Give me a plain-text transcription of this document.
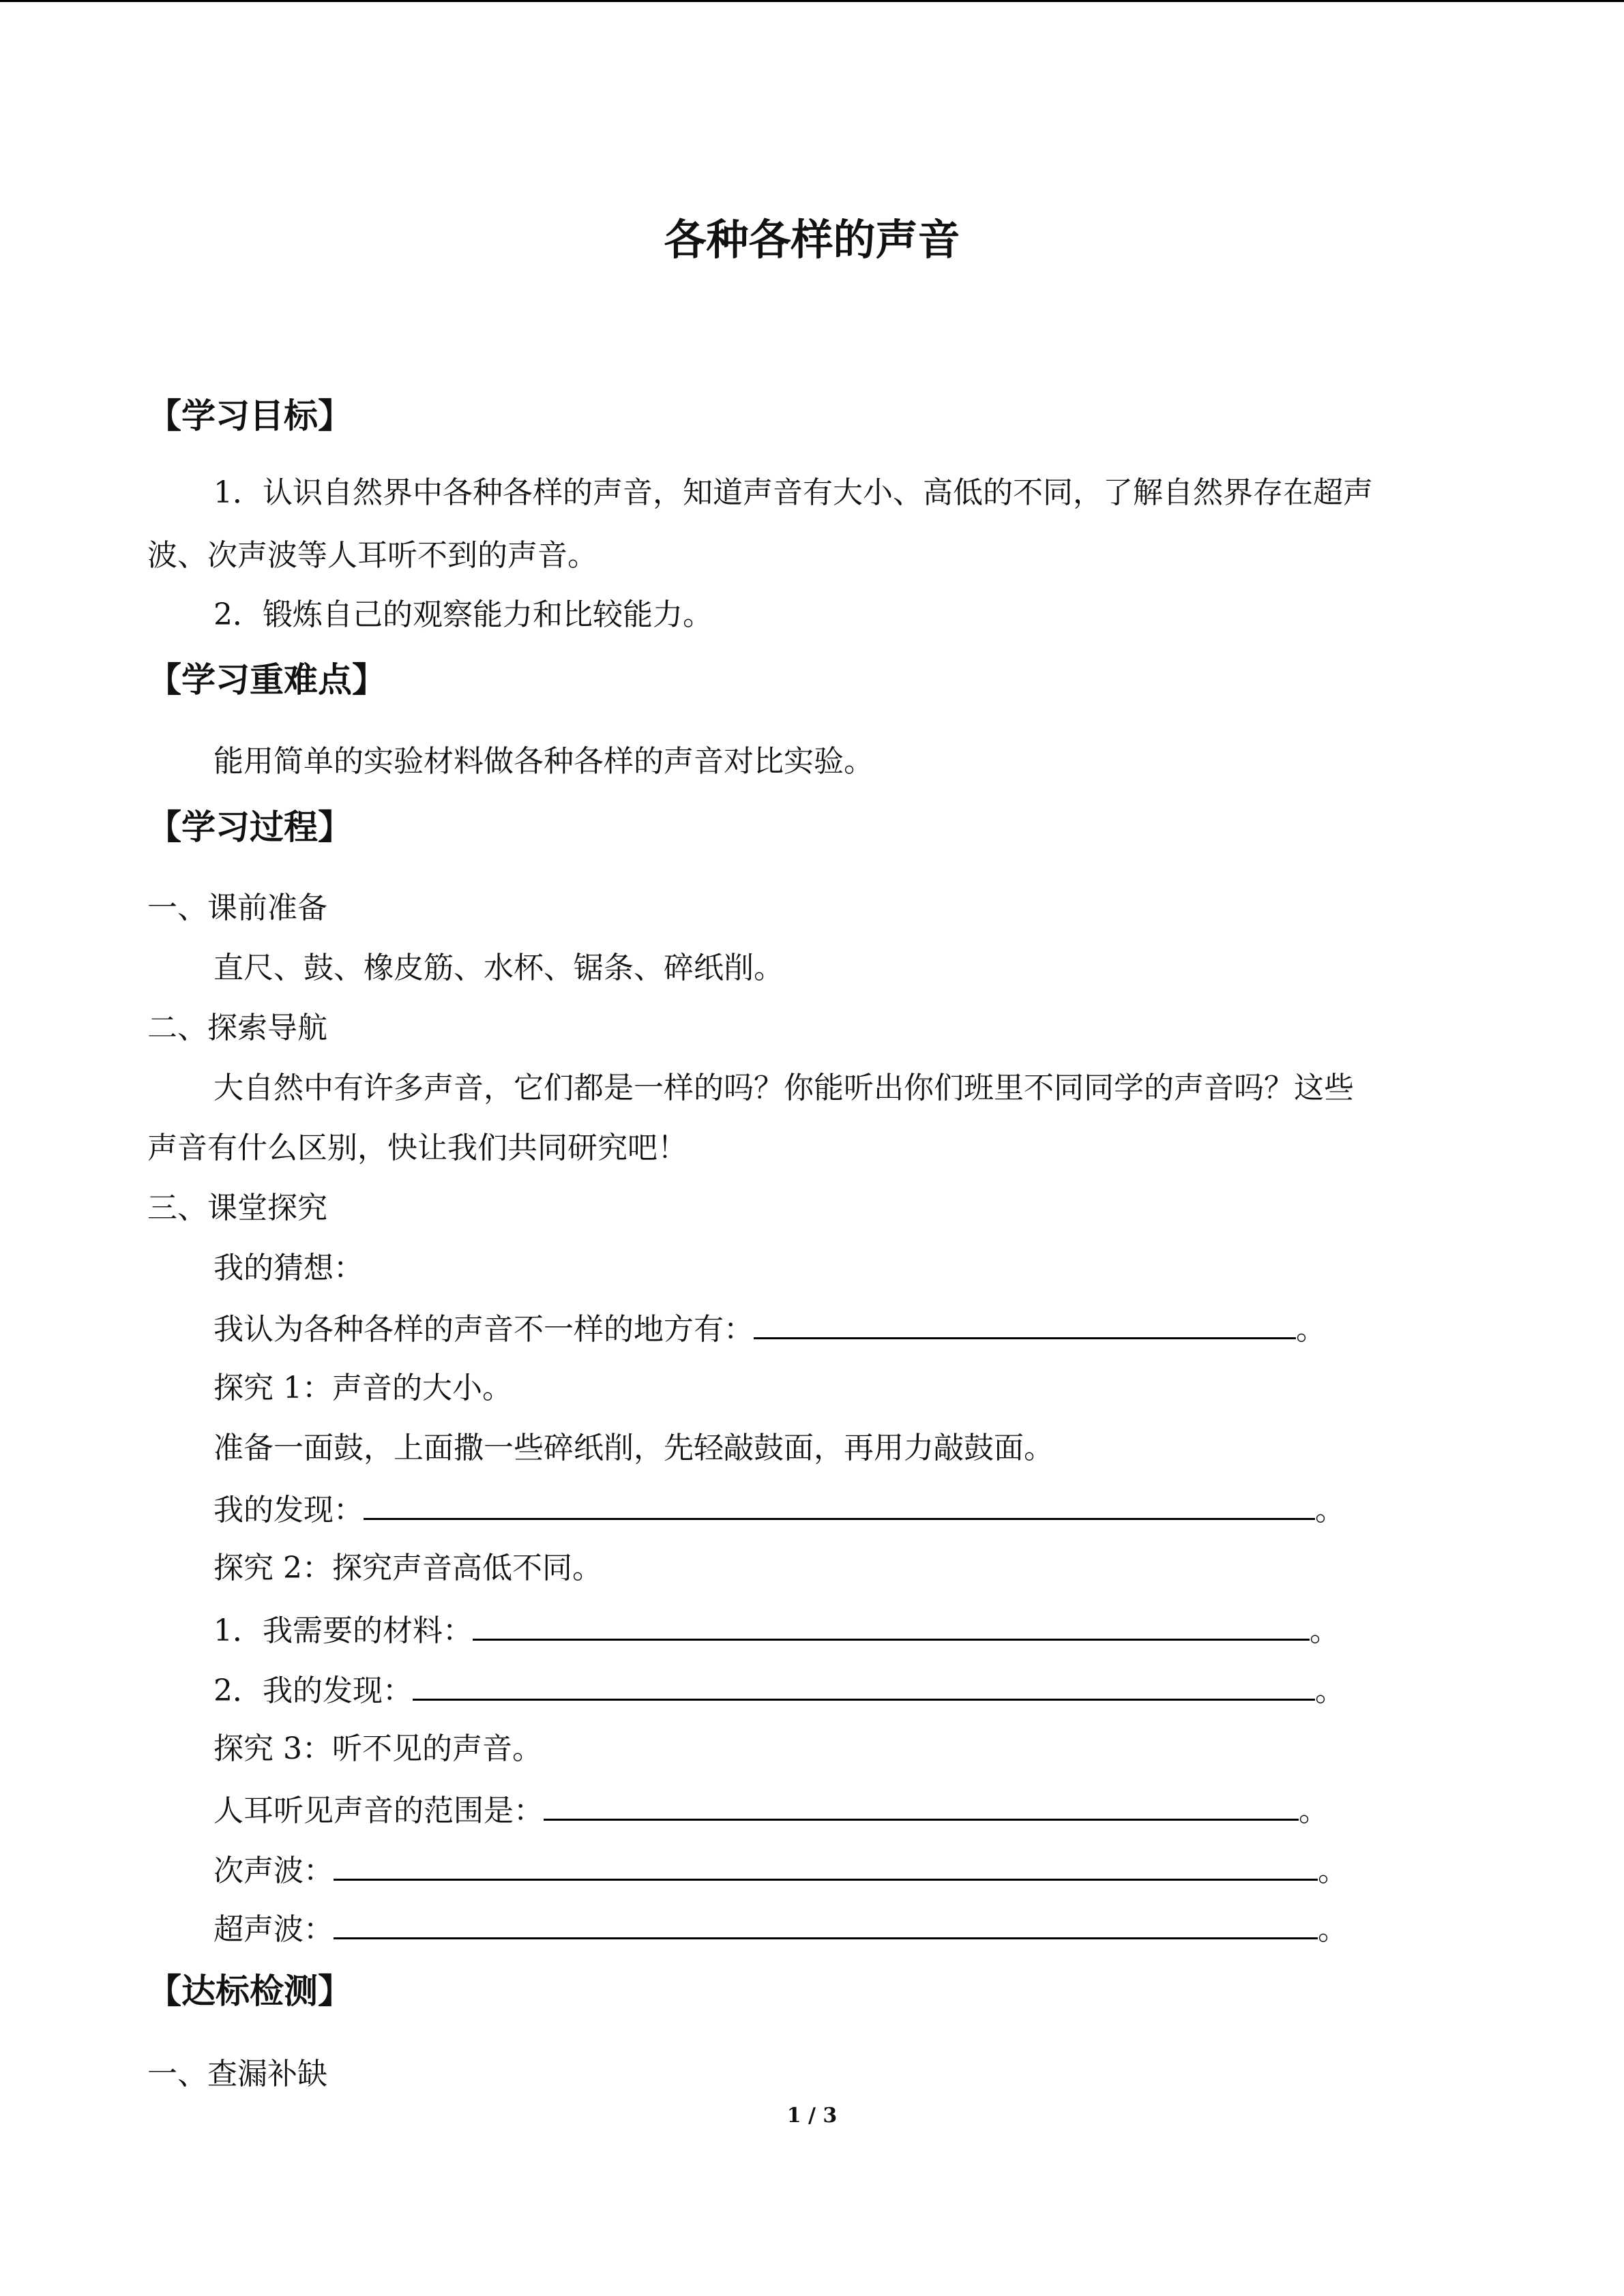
各种各样的声音
【学习目标】
1．认识自然界中各种各样的声音，知道声音有大小、高低的不同，了解自然界存在超声
波、次声波等人耳听不到的声音。
2．锻炼自己的观察能力和比较能力。
【学习重难点】
能用简单的实验材料做各种各样的声音对比实验。
【学习过程】
一、课前准备
直尺、鼓、橡皮筋、水杯、锯条、碎纸削。
二、探索导航
大自然中有许多声音，它们都是一样的吗？你能听出你们班里不同同学的声音吗？这些
声音有什么区别，快让我们共同研究吧！
三、课堂探究
我的猜想：
我认为各种各样的声音不一样的地方有：	。
探究 1：声音的大小。
准备一面鼓，上面撒一些碎纸削，先轻敲鼓面，再用力敲鼓面。
我的发现：	。
探究 2：探究声音高低不同。
1．我需要的材料：	。
2．我的发现：	。
探究 3：听不见的声音。
人耳听见声音的范围是：	。
次声波：	。
超声波：	。
【达标检测】
一、查漏补缺
1 / 3
